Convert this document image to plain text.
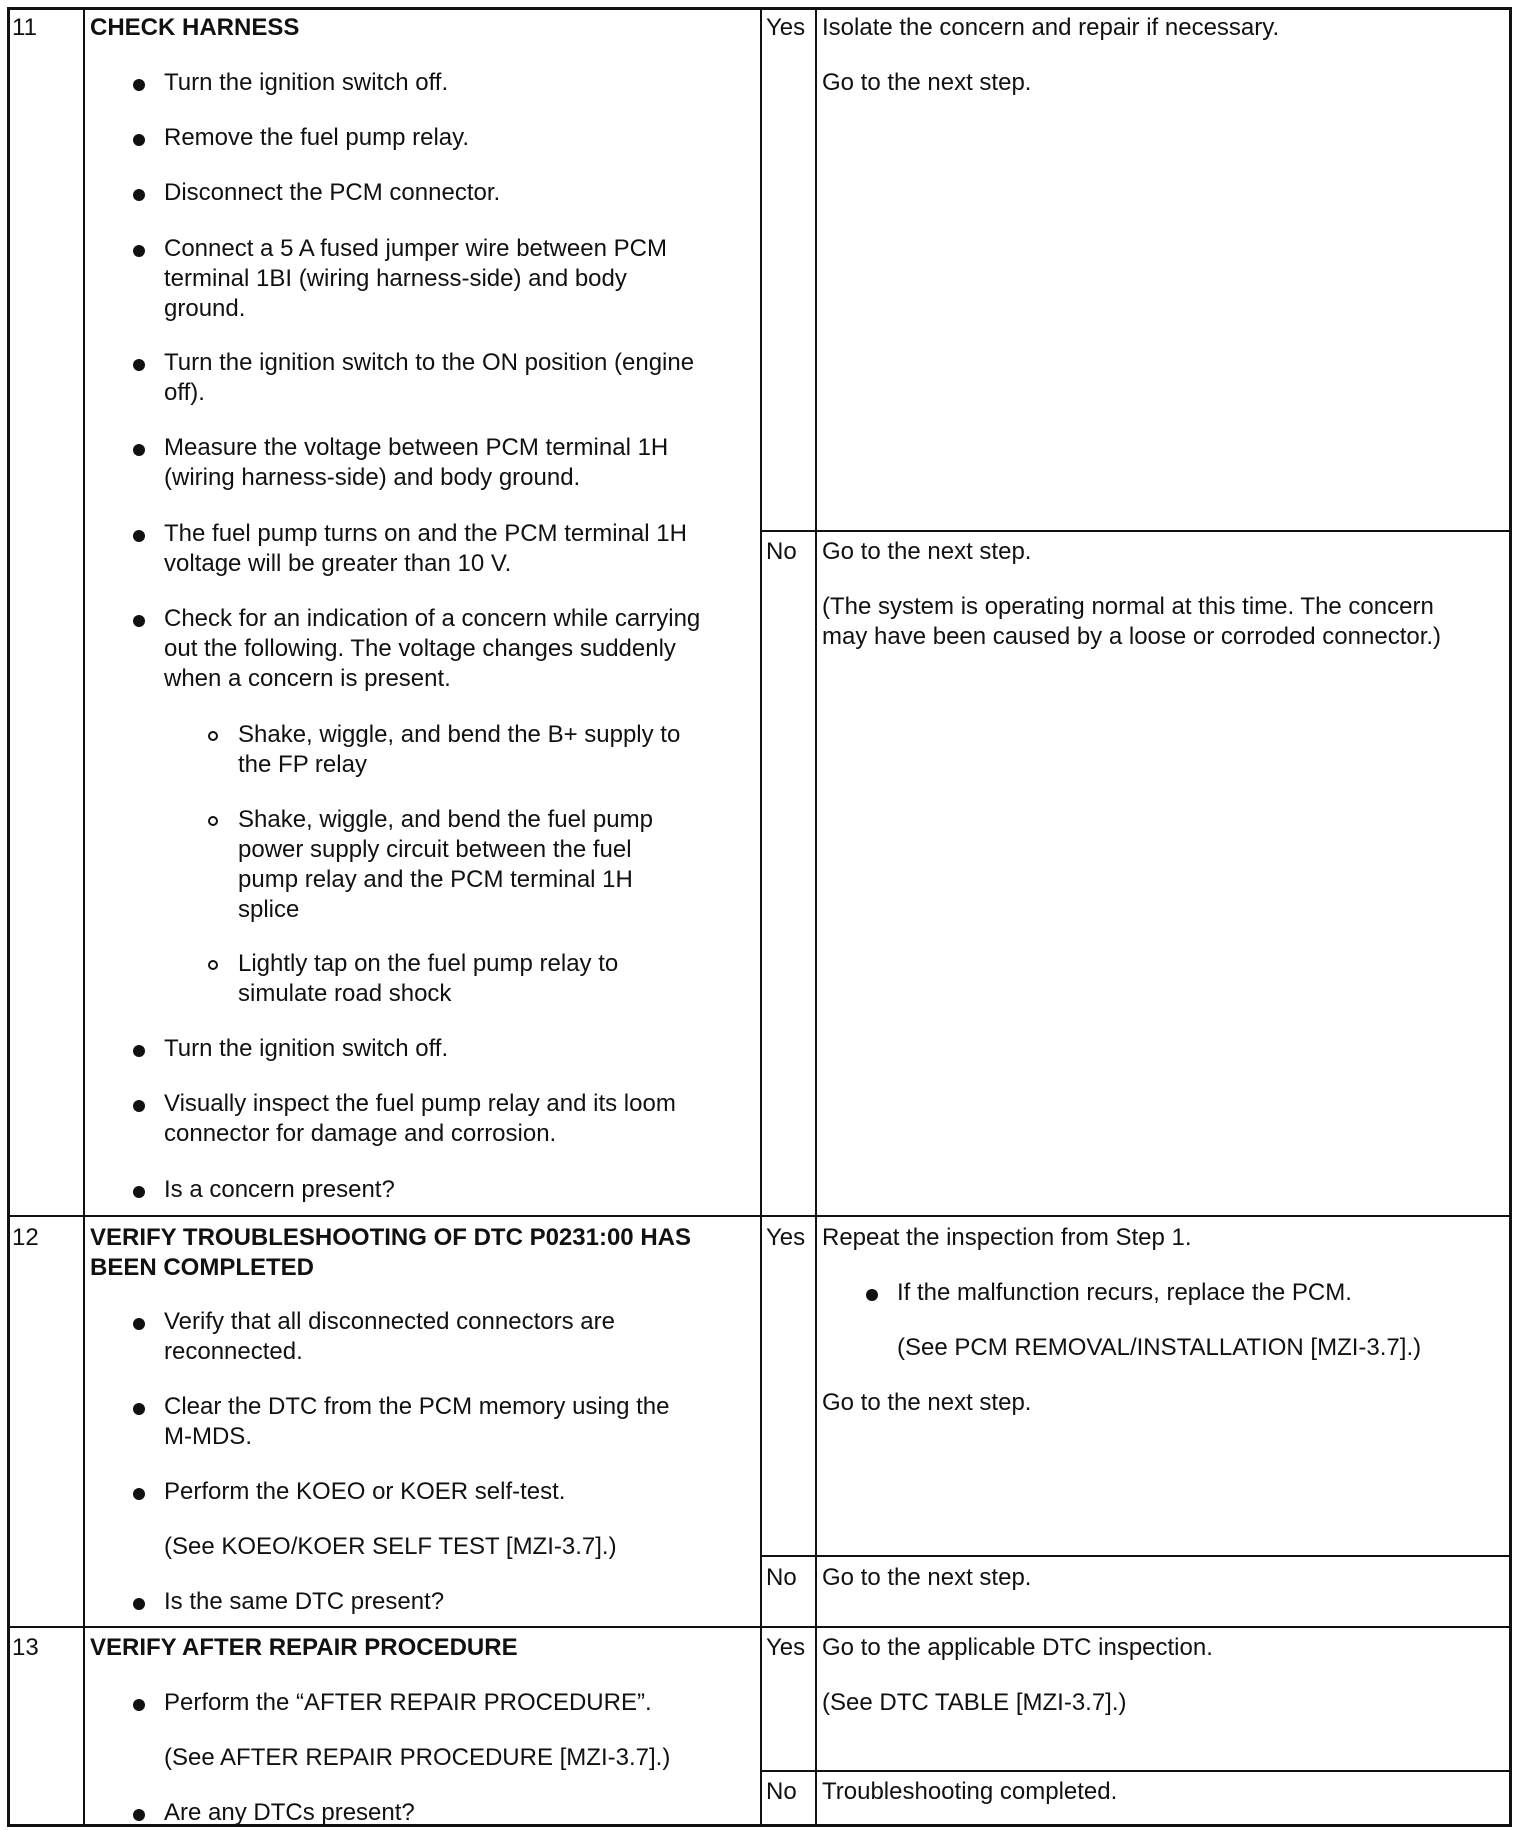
11 CHECK HARNESS
Turn the ignition switch off.
Remove the fuel pump relay.
Disconnect the PCM connector.
Connect a 5 A fused jumper wire between PCM
terminal 1BI (wiring harness-side) and body
ground.
Turn the ignition switch to the ON position (engine
off).
Measure the voltage between PCM terminal 1H
(wiring harness-side) and body ground.
The fuel pump turns on and the PCM terminal 1H
voltage will be greater than 10 V.
Check for an indication of a concern while carrying
out the following. The voltage changes suddenly
when a concern is present.
Shake, wiggle, and bend the B+ supply to
the FP relay
Shake, wiggle, and bend the fuel pump
power supply circuit between the fuel
pump relay and the PCM terminal 1H
splice
Lightly tap on the fuel pump relay to
simulate road shock
Turn the ignition switch off.
Visually inspect the fuel pump relay and its loom
connector for damage and corrosion.
Is a concern present?
Yes Isolate the concern and repair if necessary.
Go to the next step.
No Go to the next step.
(The system is operating normal at this time. The concern
may have been caused by a loose or corroded connector.)
12 VERIFY TROUBLESHOOTING OF DTC P0231:00 HAS
BEEN COMPLETED
Verify that all disconnected connectors are
reconnected.
Clear the DTC from the PCM memory using the
M-MDS.
Perform the KOEO or KOER self-test.
(See KOEO/KOER SELF TEST [MZI-3.7].)
Is the same DTC present?
Yes Repeat the inspection from Step 1.
If the malfunction recurs, replace the PCM.
(See PCM REMOVAL/INSTALLATION [MZI-3.7].)
Go to the next step.
No Go to the next step.
13 VERIFY AFTER REPAIR PROCEDURE
Perform the “AFTER REPAIR PROCEDURE”.
(See AFTER REPAIR PROCEDURE [MZI-3.7].)
Are any DTCs present?
Yes Go to the applicable DTC inspection.
(See DTC TABLE [MZI-3.7].)
No Troubleshooting completed.
